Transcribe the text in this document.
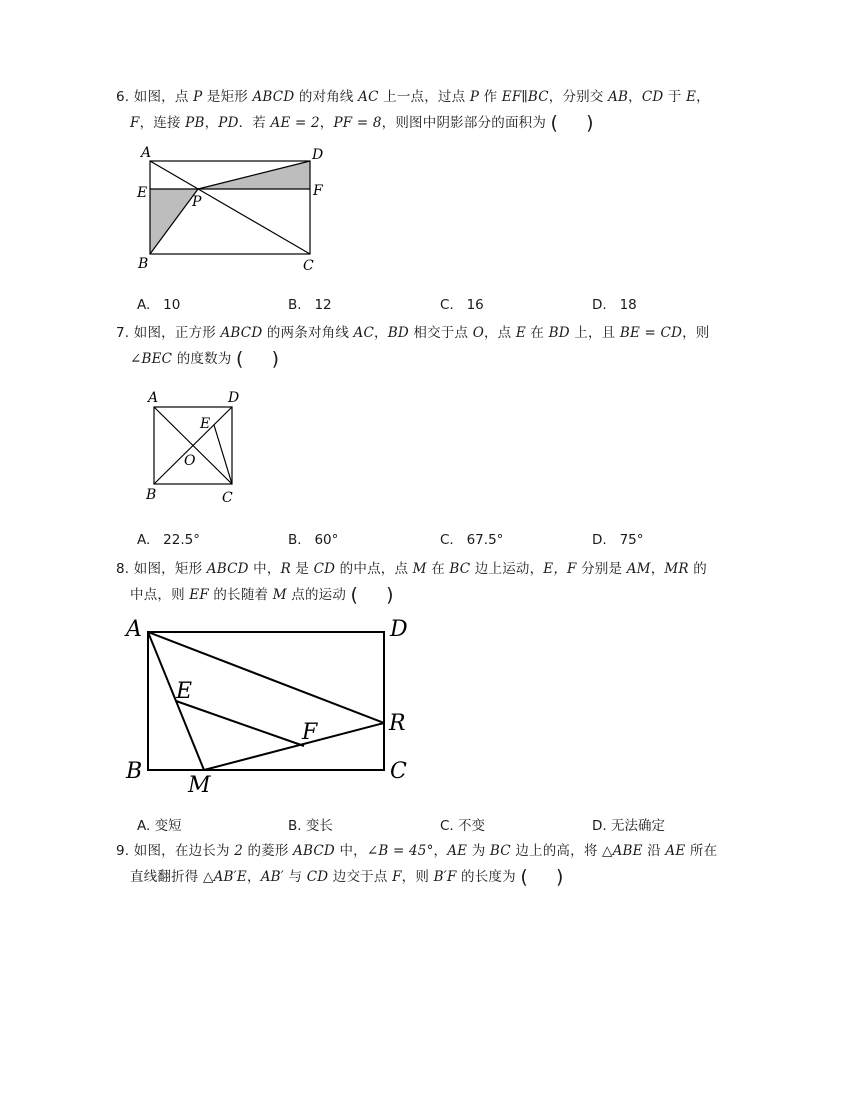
6. 如图，点 P 是矩形 ABCD 的对角线 AC 上一点，过点 P 作 EF∥BC，分别交 AB，CD 于 E，
F，连接 PB，PD．若 AE = 2，PF = 8，则图中阴影部分的面积为 ( )
A	D
E
P
F
B	C
A. 10	B. 12	C. 16	D. 18
7. 如图，正方形 ABCD 的两条对角线 AC，BD 相交于点 O，点 E 在 BD 上，且 BE = CD，则
∠BEC 的度数为 ( )
A	D
E
O
B	C
A. 22.5°	B. 60°	C. 67.5°	D. 75°
8. 如图，矩形 ABCD 中，R 是 CD 的中点，点 M 在 BC 边上运动，E，F 分别是 AM，MR 的
中点，则 EF 的长随着 M 点的运动 ( )
A	D
E
F	R
B
M
C
A. 变短	B. 变长	C. 不变	D. 无法确定
9. 如图，在边长为 2 的菱形 ABCD 中，∠B = 45°，AE 为 BC 边上的高，将 △ABE 沿 AE 所在
直线翻折得 △AB′E，AB′ 与 CD 边交于点 F，则 B′F 的长度为 ( )
